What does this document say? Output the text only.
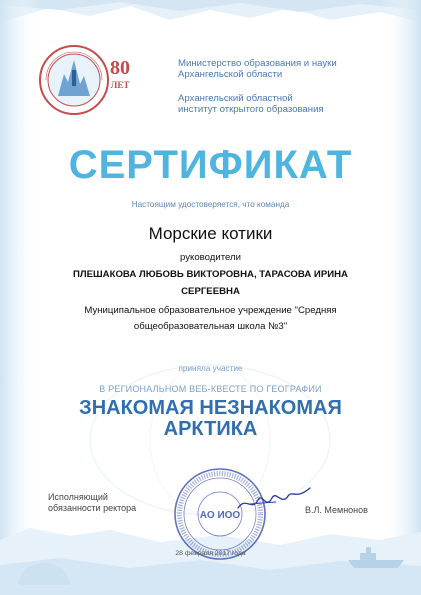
80
ЛЕТ
Министерство образования и науки
Архангельской области
Архангельский областной
институт открытого образования
СЕРТИФИКАТ
Настоящим удостоверяется, что команда
Морские котики
руководители
ПЛЕШАКОВА ЛЮБОВЬ ВИКТОРОВНА, ТАРАСОВА ИРИНА
СЕРГЕЕВНА
Муниципальное образовательное учреждение "Средняя
общеобразовательная школа №3"
приняла участие
В РЕГИОНАЛЬНОМ ВЕБ-КВЕСТЕ ПО ГЕОГРАФИИ
ЗНАКОМАЯ НЕЗНАКОМАЯ
АРКТИКА
Исполняющий
обязанности ректора
АО ИОО	В.Л. Мемнонов
28 февраля 2017 года
